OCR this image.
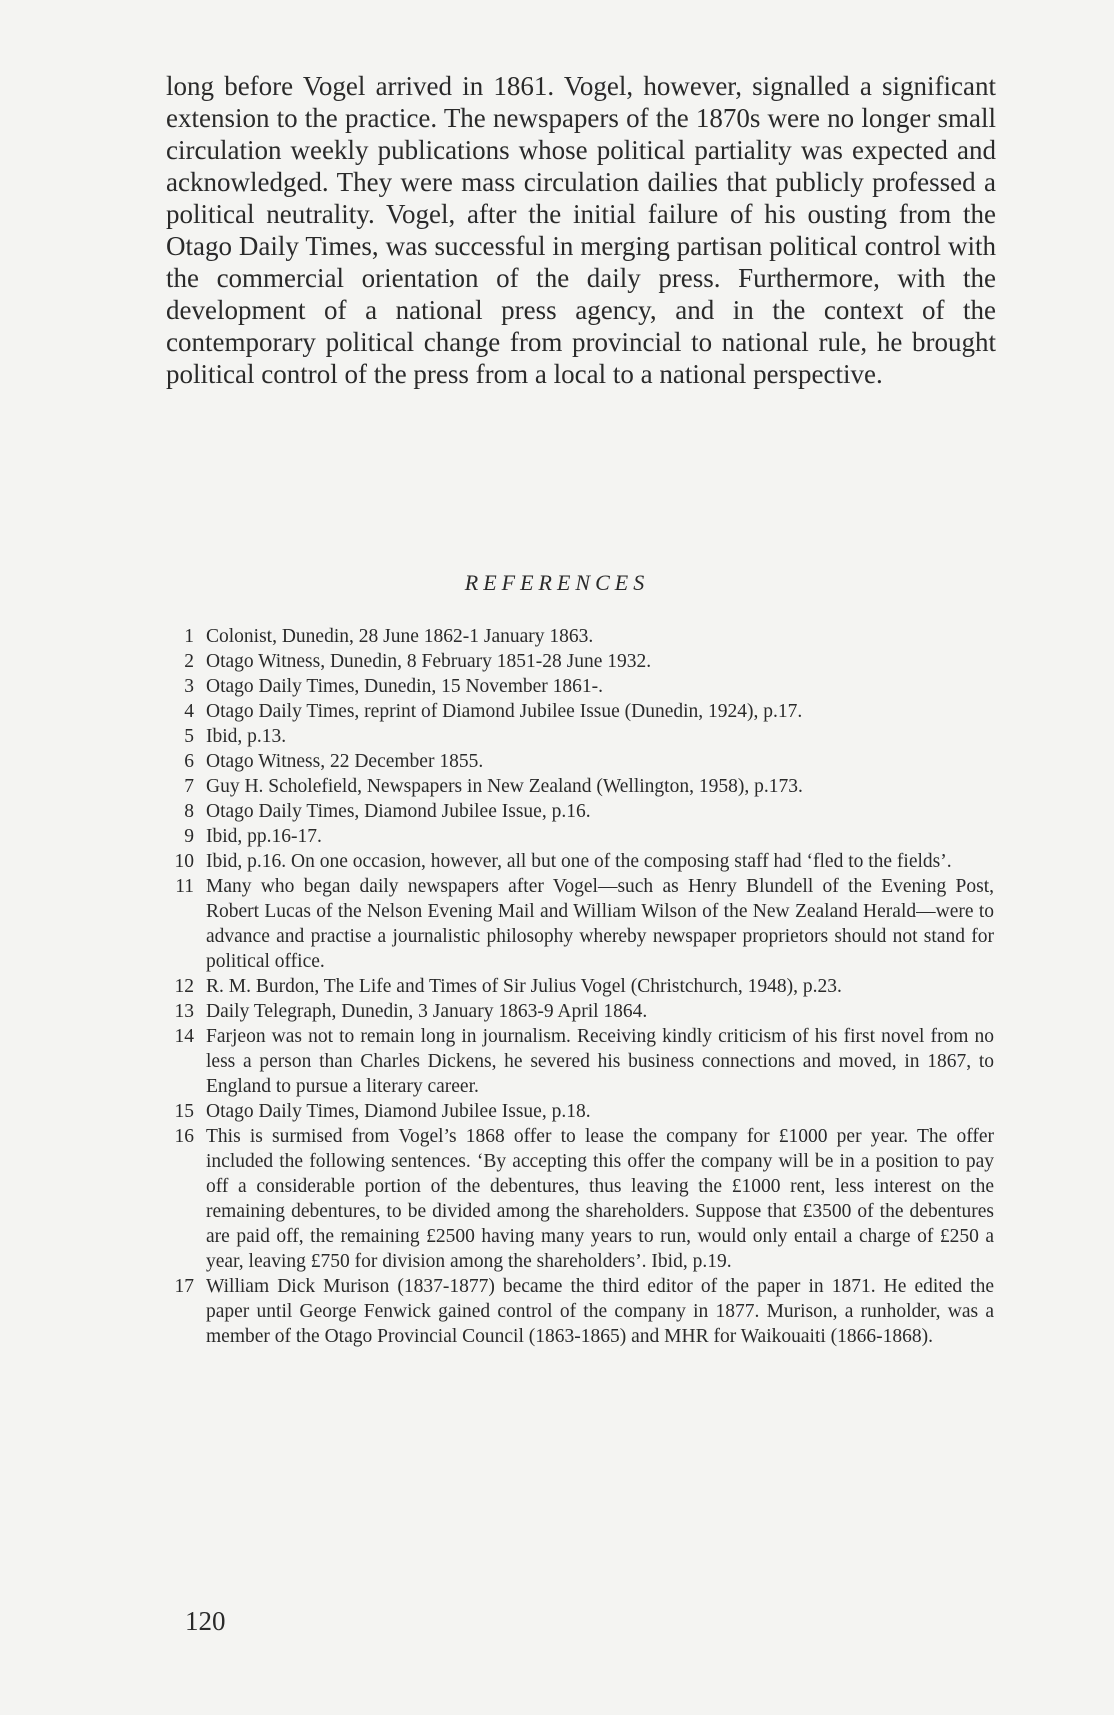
long before Vogel arrived in 1861. Vogel, however, signalled a significant extension to the practice. The newspapers of the 1870s were no longer small circulation weekly publications whose political partiality was expected and acknowledged. They were mass circulation dailies that publicly professed a political neutrality. Vogel, after the initial failure of his ousting from the Otago Daily Times, was successful in merging partisan political control with the commercial orientation of the daily press. Furthermore, with the development of a national press agency, and in the context of the contemporary political change from provincial to national rule, he brought political control of the press from a local to a national perspective.

REFERENCES
1 Colonist, Dunedin, 28 June 1862-1 January 1863.
2 Otago Witness, Dunedin, 8 February 1851-28 June 1932.
3 Otago Daily Times, Dunedin, 15 November 1861-.
4 Otago Daily Times, reprint of Diamond Jubilee Issue (Dunedin, 1924), p.17.
5 Ibid, p.13.
6 Otago Witness, 22 December 1855.
7 Guy H. Scholefield, Newspapers in New Zealand (Wellington, 1958), p.173.
8 Otago Daily Times, Diamond Jubilee Issue, p.16.
9 Ibid, pp.16-17.
10 Ibid, p.16. On one occasion, however, all but one of the composing staff had ‘fled to the fields’.
11 Many who began daily newspapers after Vogel—such as Henry Blundell of the Evening Post, Robert Lucas of the Nelson Evening Mail and William Wilson of the New Zealand Herald—were to advance and practise a journalistic philosophy whereby newspaper proprietors should not stand for political office.
12 R. M. Burdon, The Life and Times of Sir Julius Vogel (Christchurch, 1948), p.23.
13 Daily Telegraph, Dunedin, 3 January 1863-9 April 1864.
14 Farjeon was not to remain long in journalism. Receiving kindly criticism of his first novel from no less a person than Charles Dickens, he severed his business connections and moved, in 1867, to England to pursue a literary career.
15 Otago Daily Times, Diamond Jubilee Issue, p.18.
16 This is surmised from Vogel’s 1868 offer to lease the company for £1000 per year. The offer included the following sentences. ‘By accepting this offer the company will be in a position to pay off a considerable portion of the debentures, thus leaving the £1000 rent, less interest on the remaining debentures, to be divided among the shareholders. Suppose that £3500 of the debentures are paid off, the remaining £2500 having many years to run, would only entail a charge of £250 a year, leaving £750 for division among the shareholders’. Ibid, p.19.
17 William Dick Murison (1837-1877) became the third editor of the paper in 1871. He edited the paper until George Fenwick gained control of the company in 1877. Murison, a runholder, was a member of the Otago Provincial Council (1863-1865) and MHR for Waikouaiti (1866-1868).

120
